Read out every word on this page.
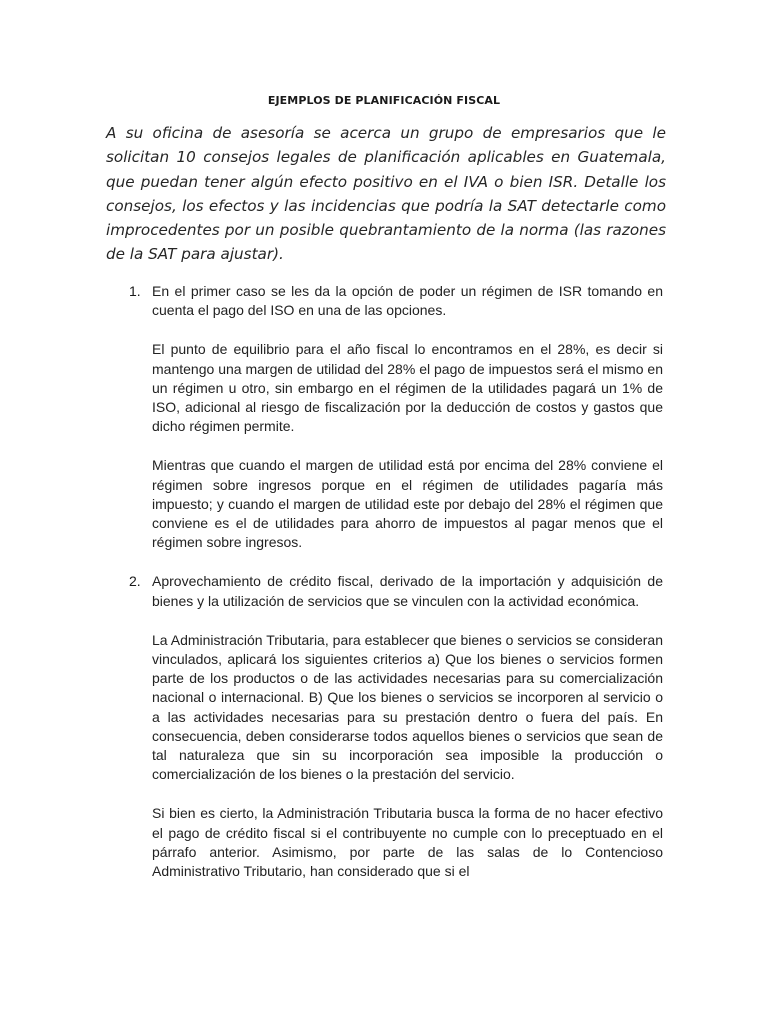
EJEMPLOS DE PLANIFICACIÓN FISCAL
A su oficina de asesoría se acerca un grupo de empresarios que le solicitan 10 consejos legales de planificación aplicables en Guatemala, que puedan tener algún efecto positivo en el IVA o bien ISR. Detalle los consejos, los efectos y las incidencias que podría la SAT detectarle como improcedentes por un posible quebrantamiento de la norma (las razones de la SAT para ajustar).
1. En el primer caso se les da la opción de poder un régimen de ISR tomando en cuenta el pago del ISO en una de las opciones.

El punto de equilibrio para el año fiscal lo encontramos en el 28%, es decir si mantengo una margen de utilidad del 28% el pago de impuestos será el mismo en un régimen u otro, sin embargo en el régimen de la utilidades pagará un 1% de ISO, adicional al riesgo de fiscalización por la deducción de costos y gastos que dicho régimen permite.

Mientras que cuando el margen de utilidad está por encima del 28% conviene el régimen sobre ingresos porque en el régimen de utilidades pagaría más impuesto; y cuando el margen de utilidad este por debajo del 28% el régimen que conviene es el de utilidades para ahorro de impuestos al pagar menos que el régimen sobre ingresos.

2. Aprovechamiento de crédito fiscal, derivado de la importación y adquisición de bienes y la utilización de servicios que se vinculen con la actividad económica.

La Administración Tributaria, para establecer que bienes o servicios se consideran vinculados, aplicará los siguientes criterios a) Que los bienes o servicios formen parte de los productos o de las actividades necesarias para su comercialización nacional o internacional. B) Que los bienes o servicios se incorporen al servicio o a las actividades necesarias para su prestación dentro o fuera del país. En consecuencia, deben considerarse todos aquellos bienes o servicios que sean de tal naturaleza que sin su incorporación sea imposible la producción o comercialización de los bienes o la prestación del servicio.

Si bien es cierto, la Administración Tributaria busca la forma de no hacer efectivo el pago de crédito fiscal si el contribuyente no cumple con lo preceptuado en el párrafo anterior. Asimismo, por parte de las salas de lo Contencioso Administrativo Tributario, han considerado que si el
